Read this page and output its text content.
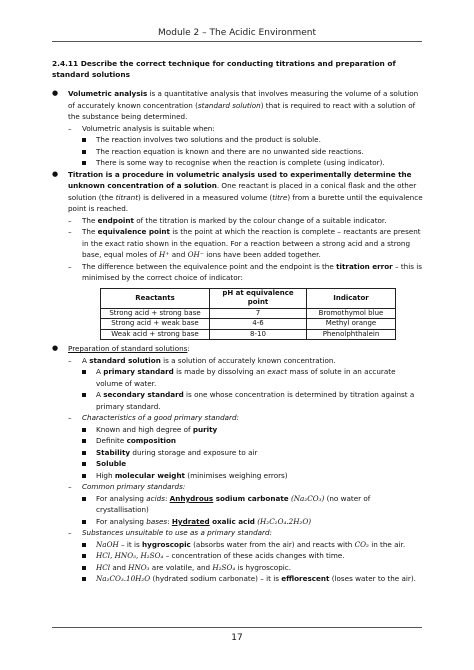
Module 2 – The Acidic Environment
2.4.11 Describe the correct technique for conducting titrations and preparation of standard solutions
●	Volumetric analysis is a quantitative analysis that involves measuring the volume of a solution of accurately known concentration (standard solution) that is required to react with a solution of the substance being determined.
–	Volumetric analysis is suitable when:
The reaction involves two solutions and the product is soluble.
The reaction equation is known and there are no unwanted side reactions.
There is some way to recognise when the reaction is complete (using indicator).
●	Titration is a procedure in volumetric analysis used to experimentally determine the unknown concentration of a solution. One reactant is placed in a conical flask and the other solution (the titrant) is delivered in a measured volume (titre) from a burette until the equivalence point is reached.
–	The endpoint of the titration is marked by the colour change of a suitable indicator.
–	The equivalence point is the point at which the reaction is complete – reactants are present in the exact ratio shown in the equation. For a reaction between a strong acid and a strong base, equal moles of H+ and OH− ions have been added together.
–	The difference between the equivalence point and the endpoint is the titration error – this is minimised by the correct choice of indicator:
Reactants	pH at equivalence point	Indicator
Strong acid + strong base	7	Bromothymol blue
Strong acid + weak base	4-6	Methyl orange
Weak acid + strong base	8-10	Phenolphthalein
●	Preparation of standard solutions:
–	A standard solution is a solution of accurately known concentration.
A primary standard is made by dissolving an exact mass of solute in an accurate volume of water.
A secondary standard is one whose concentration is determined by titration against a primary standard.
–	Characteristics of a good primary standard:
Known and high degree of purity
Definite composition
Stability during storage and exposure to air
Soluble
High molecular weight (minimises weighing errors)
–	Common primary standards:
For analysing acids: Anhydrous sodium carbonate (Na₂CO₃) (no water of crystallisation)
For analysing bases: Hydrated oxalic acid (H₂C₂O₄.2H₂O)
–	Substances unsuitable to use as a primary standard:
NaOH – it is hygroscopic (absorbs water from the air) and reacts with CO₂ in the air.
HCl, HNO₃, H₂SO₄ – concentration of these acids changes with time.
HCl and HNO₃ are volatile, and H₂SO₄ is hygroscopic.
Na₂CO₃.10H₂O (hydrated sodium carbonate) – it is efflorescent (loses water to the air).
17
